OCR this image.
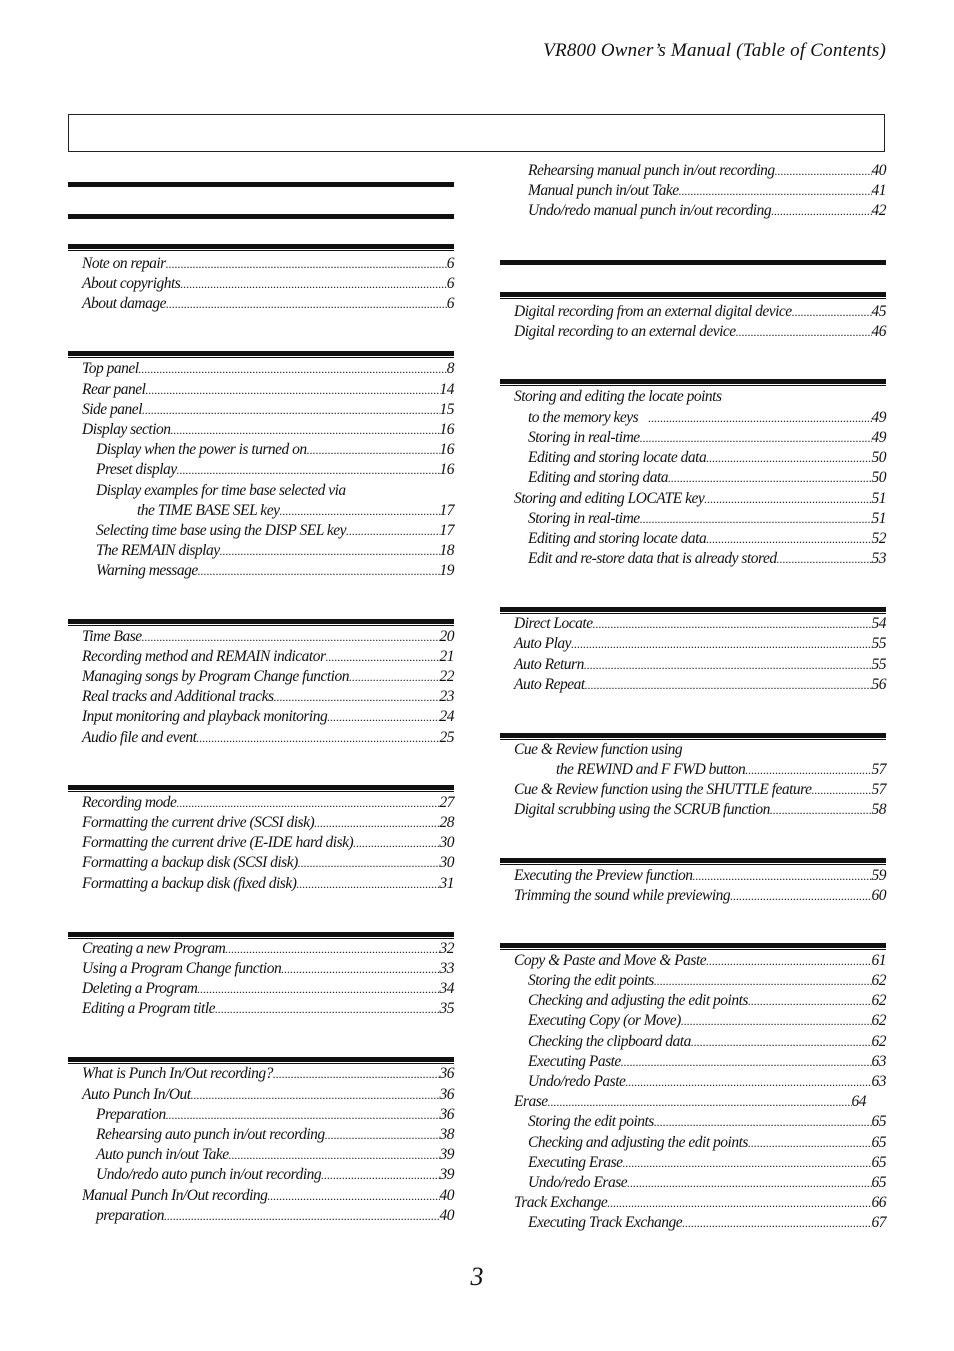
VR800 Owner’s Manual (Table of Contents)
Note on repair .....	6
About copyrights .....	6
About damage .....	6
Top panel .....	8
Rear panel .....	14
Side panel .....	15
Display section .....	16
Display when the power is turned on .....	16
Preset display .....	16
Display examples for time base selected via
the TIME BASE SEL key .....	17
Selecting time base using the DISP SEL key .....	17
The REMAIN display .....	18
Warning message .....	19
Time Base .....	20
Recording method and REMAIN indicator .....	21
Managing songs by Program Change function .....	22
Real tracks and Additional tracks .....	23
Input monitoring and playback monitoring .....	24
Audio file and event .....	25
Recording mode .....	27
Formatting the current drive (SCSI disk) .....	28
Formatting the current drive (E-IDE hard disk) .....	30
Formatting a backup disk (SCSI disk) .....	30
Formatting a backup disk (fixed disk) .....	31
Creating a new Program .....	32
Using a Program Change function .....	33
Deleting a Program .....	34
Editing a Program title .....	35
What is Punch In/Out recording? .....	36
Auto Punch In/Out .....	36
Preparation .....	36
Rehearsing auto punch in/out recording .....	38
Auto punch in/out Take .....	39
Undo/redo auto punch in/out recording .....	39
Manual Punch In/Out recording .....	40
preparation .....	40
Rehearsing manual punch in/out recording .....	40
Manual punch in/out Take .....	41
Undo/redo manual punch in/out recording .....	42
Digital recording from an external digital device .....	45
Digital recording to an external device .....	46
Storing and editing the locate points
to the memory keys .....	49
Storing in real-time .....	49
Editing and storing locate data .....	50
Editing and storing data .....	50
Storing and editing LOCATE key .....	51
Storing in real-time .....	51
Editing and storing locate data .....	52
Edit and re-store data that is already stored .....	53
Direct Locate .....	54
Auto Play .....	55
Auto Return .....	55
Auto Repeat .....	56
Cue & Review function using
the REWIND and F FWD button .....	57
Cue & Review function using the SHUTTLE feature .....	57
Digital scrubbing using the SCRUB function .....	58
Executing the Preview function .....	59
Trimming the sound while previewing .....	60
Copy & Paste and Move & Paste .....	61
Storing the edit points .....	62
Checking and adjusting the edit points .....	62
Executing Copy (or Move) .....	62
Checking the clipboard data .....	62
Executing Paste .....	63
Undo/redo Paste .....	63
Erase .....	64
Storing the edit points .....	65
Checking and adjusting the edit points .....	65
Executing Erase .....	65
Undo/redo Erase .....	65
Track Exchange .....	66
Executing Track Exchange .....	67
3
